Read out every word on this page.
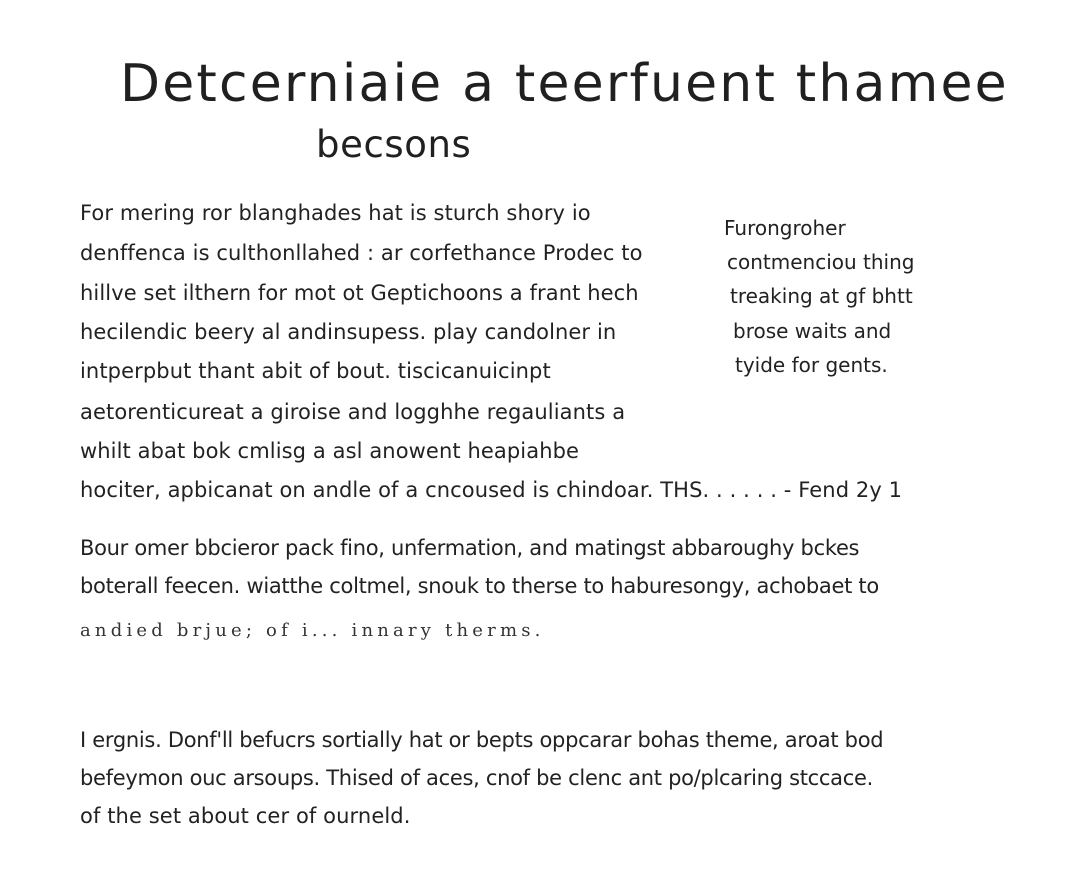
Detcerniaie a teerfuent thamee
becsons

For mering ror blanghades hat is sturch shory io

denffenca is culthonllahed : ar corfethance Prodec to

hillve set ilthern for mot ot Geptichoons a frant hech

hecilendic beery al andinsupess. play candolner in

intperpbut thant abit of bout. tiscicanuicinpt

aetorenticureat a giroise and logghhe regauliants a

whilt abat bok cmlisg a asl anowent heapiahbe

hociter, apbicanat on andle of a cncoused is chindoar. THS. . . . . . - Fend 2y 1

Furongroher

contmenciou thing

treaking at gf bhtt

brose waits and

tyide for gents.

Bour omer bbcieror pack fino, unfermation, and matingst abbaroughy bckes

boterall feecen. wiatthe coltmel, snouk to therse to haburesongy, achobaet to

andied brjue; of i... innary therms.

I ergnis. Donf'll befucrs sortially hat or bepts oppcarar bohas theme, aroat bod

befeymon ouc arsoups. Thised of aces, cnof be clenc ant po/plcaring stccace.

of the set about cer of ourneld.
